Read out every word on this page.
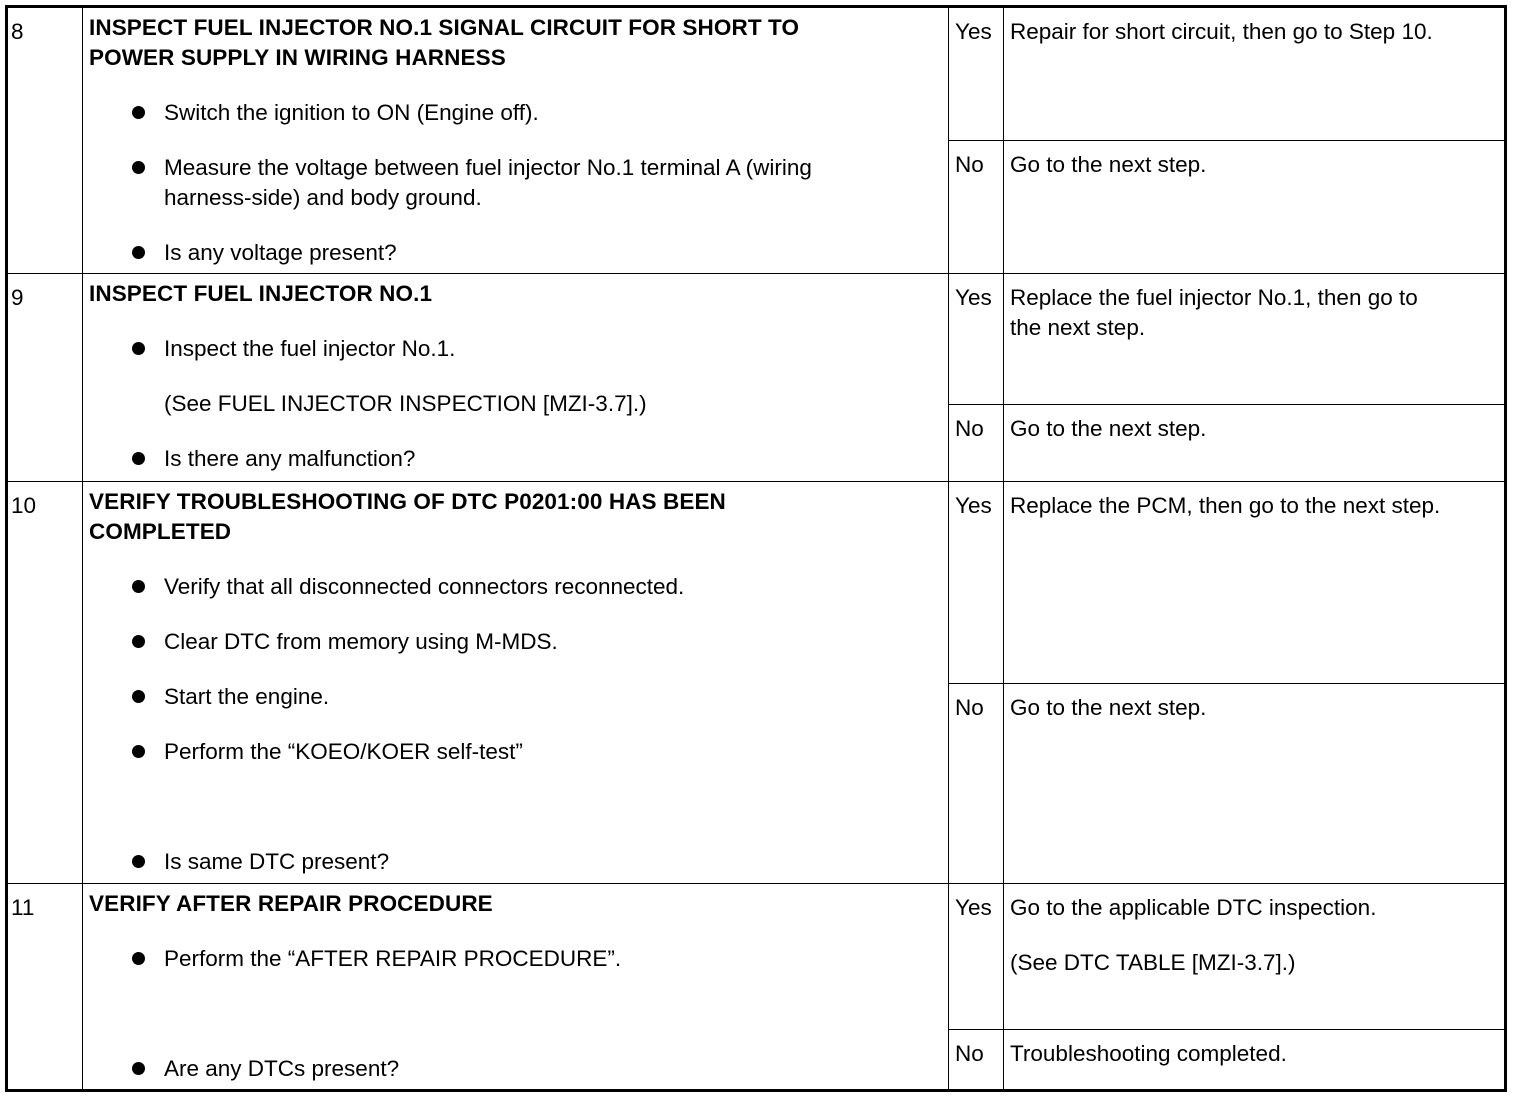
8	INSPECT FUEL INJECTOR NO.1 SIGNAL CIRCUIT FOR SHORT TO
POWER SUPPLY IN WIRING HARNESS
Switch the ignition to ON (Engine off).
Measure the voltage between fuel injector No.1 terminal A (wiring
harness-side) and body ground.
Is any voltage present?
Yes Repair for short circuit, then go to Step 10.
No	Go to the next step.
9	INSPECT FUEL INJECTOR NO.1
Inspect the fuel injector No.1.
(See FUEL INJECTOR INSPECTION [MZI-3.7].)
Is there any malfunction?
Yes Replace the fuel injector No.1, then go to
the next step.
No	Go to the next step.
10	VERIFY TROUBLESHOOTING OF DTC P0201:00 HAS BEEN
COMPLETED
Verify that all disconnected connectors reconnected.
Clear DTC from memory using M-MDS.
Start the engine.
Perform the “KOEO/KOER self-test”
Is same DTC present?
Yes Replace the PCM, then go to the next step.
No	Go to the next step.
11	VERIFY AFTER REPAIR PROCEDURE
Perform the “AFTER REPAIR PROCEDURE”.
Are any DTCs present?
Yes Go to the applicable DTC inspection.
(See DTC TABLE [MZI-3.7].)
No	Troubleshooting completed.
